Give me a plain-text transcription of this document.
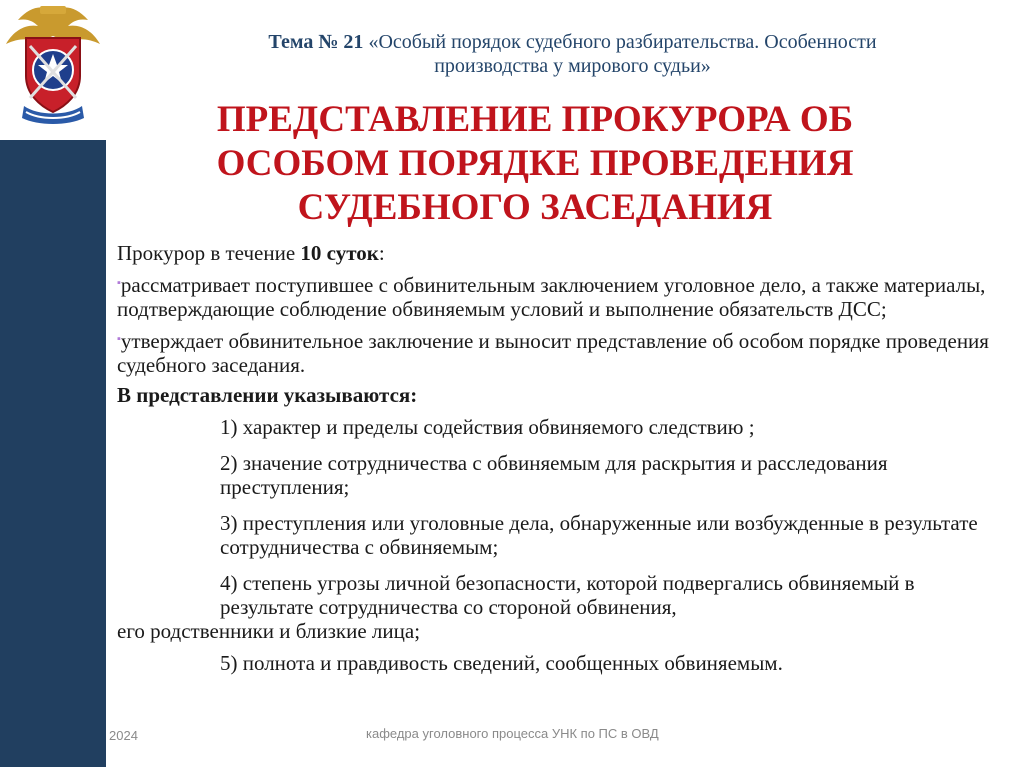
Тема № 21 «Особый порядок судебного разбирательства. Особенности
производства у мирового судьи»
ПРЕДСТАВЛЕНИЕ ПРОКУРОРА ОБ
ОСОБОМ ПОРЯДКЕ ПРОВЕДЕНИЯ
СУДЕБНОГО ЗАСЕДАНИЯ

Прокурор в течение 10 суток:

▪рассматривает поступившее с обвинительным заключением уголовное дело, а также материалы, подтверждающие соблюдение обвиняемым условий и выполнение обязательств ДСС;

▪утверждает обвинительное заключение и выносит представление об особом порядке проведения судебного заседания.

В представлении указываются:

1) характер и пределы содействия обвиняемого следствию ;

2) значение сотрудничества с обвиняемым для раскрытия и расследования преступления;

3) преступления или уголовные дела, обнаруженные или возбужденные в результате сотрудничества с обвиняемым;

4) степень угрозы личной безопасности, которой подвергались обвиняемый в результате сотрудничества со стороной обвинения,
его родственники и близкие лица;

5) полнота и правдивость сведений, сообщенных обвиняемым.

2024	кафедра уголовного процесса УНК по ПС в ОВД
